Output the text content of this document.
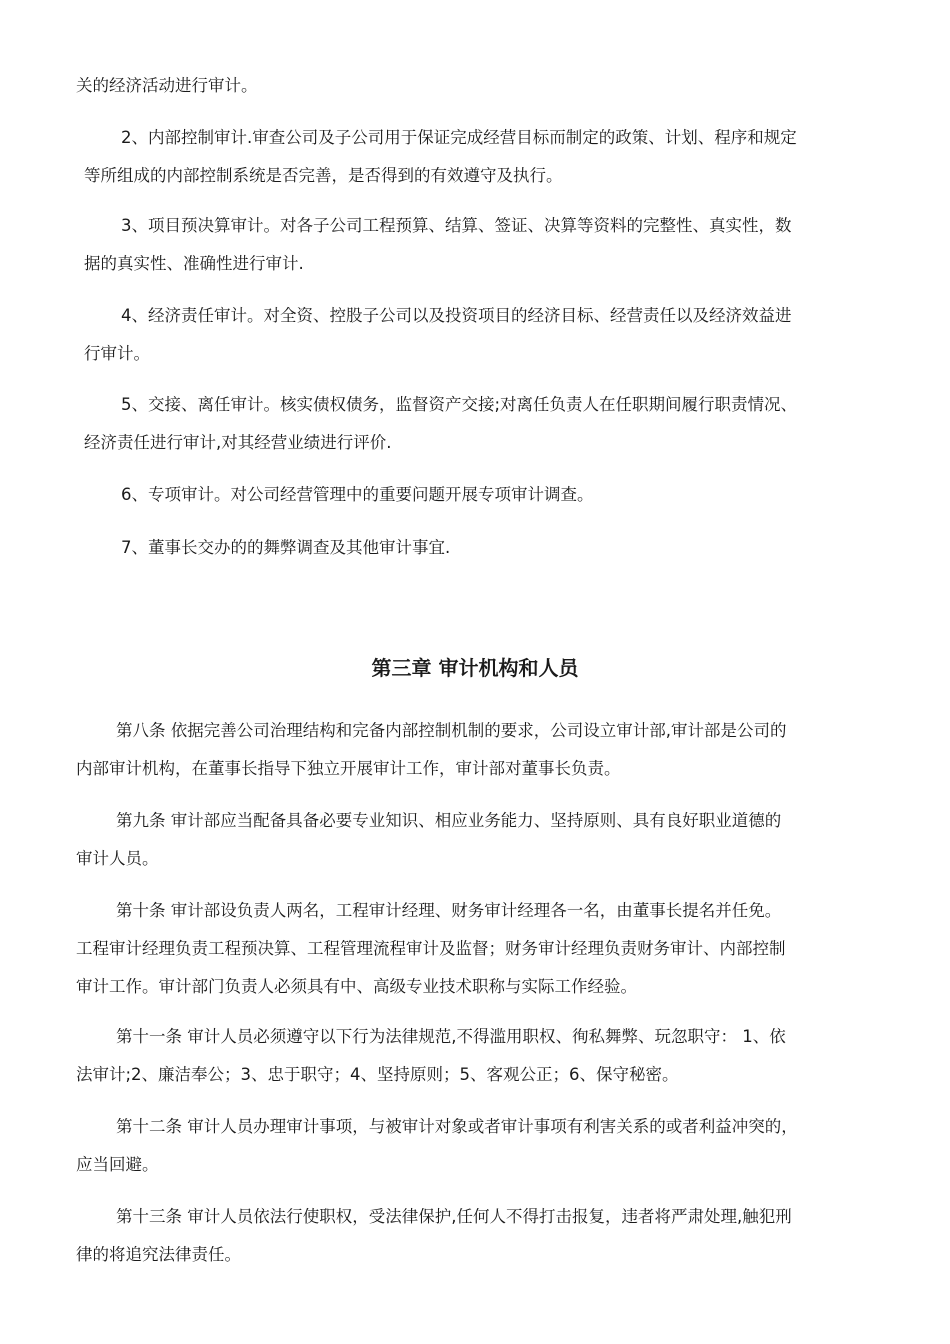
关的经济活动进行审计。
2、内部控制审计.审查公司及子公司用于保证完成经营目标而制定的政策、计划、程序和规定
等所组成的内部控制系统是否完善，是否得到的有效遵守及执行。
3、项目预决算审计。对各子公司工程预算、结算、签证、决算等资料的完整性、真实性，数
据的真实性、准确性进行审计.
4、经济责任审计。对全资、控股子公司以及投资项目的经济目标、经营责任以及经济效益进
行审计。
5、交接、离任审计。核实债权债务，监督资产交接;对离任负责人在任职期间履行职责情况、
经济责任进行审计,对其经营业绩进行评价.
6、专项审计。对公司经营管理中的重要问题开展专项审计调查。
7、董事长交办的的舞弊调查及其他审计事宜.
第三章 审计机构和人员
第八条 依据完善公司治理结构和完备内部控制机制的要求，公司设立审计部,审计部是公司的
内部审计机构，在董事长指导下独立开展审计工作，审计部对董事长负责。
第九条 审计部应当配备具备必要专业知识、相应业务能力、坚持原则、具有良好职业道德的
审计人员。
第十条 审计部设负责人两名，工程审计经理、财务审计经理各一名，由董事长提名并任免。
工程审计经理负责工程预决算、工程管理流程审计及监督；财务审计经理负责财务审计、内部控制
审计工作。审计部门负责人必须具有中、高级专业技术职称与实际工作经验。
第十一条 审计人员必须遵守以下行为法律规范,不得滥用职权、徇私舞弊、玩忽职守： 1、依
法审计;2、廉洁奉公；3、忠于职守；4、坚持原则；5、客观公正；6、保守秘密。
第十二条 审计人员办理审计事项，与被审计对象或者审计事项有利害关系的或者利益冲突的，
应当回避。
第十三条 审计人员依法行使职权，受法律保护,任何人不得打击报复，违者将严肃处理,触犯刑
律的将追究法律责任。
